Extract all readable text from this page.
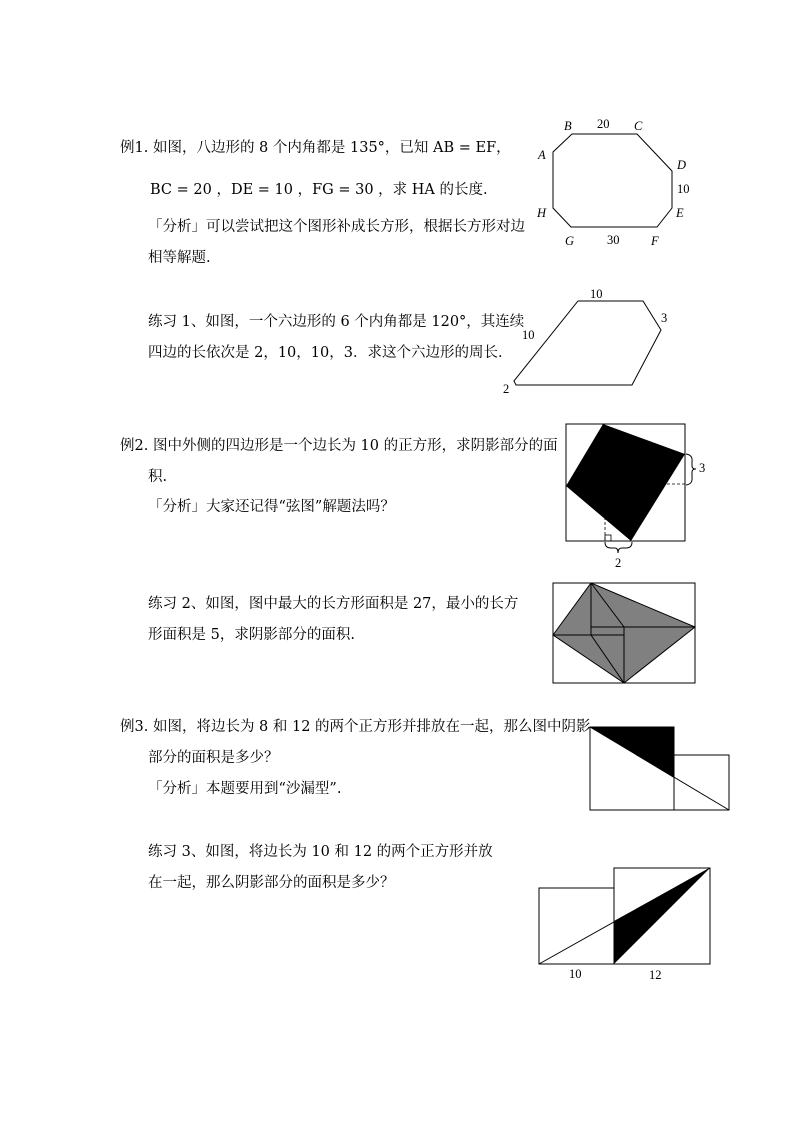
例1. 如图，八边形的 8 个内角都是 135°，已知 AB = EF，
BC = 20 ，DE = 10 ，FG = 30 ，求 HA 的长度.
「分析」可以尝试把这个图形补成长方形，根据长方形对边
相等解题.
B 20 C
A
D
10
H	E
G	30	F
练习 1、如图，一个六边形的 6 个内角都是 120°，其连续
四边的长依次是 2，10，10，3．求这个六边形的周长．
10
3
10
2
例2. 图中外侧的四边形是一个边长为 10 的正方形，求阴影部分的面
积.
「分析」大家还记得“弦图”解题法吗？
3
2
练习 2、如图，图中最大的长方形面积是 27，最小的长方
形面积是 5，求阴影部分的面积.
例3. 如图，将边长为 8 和 12 的两个正方形并排放在一起，那么图中阴影
部分的面积是多少？
「分析」本题要用到“沙漏型”.
练习 3、如图，将边长为 10 和 12 的两个正方形并放
在一起，那么阴影部分的面积是多少？
10	12
